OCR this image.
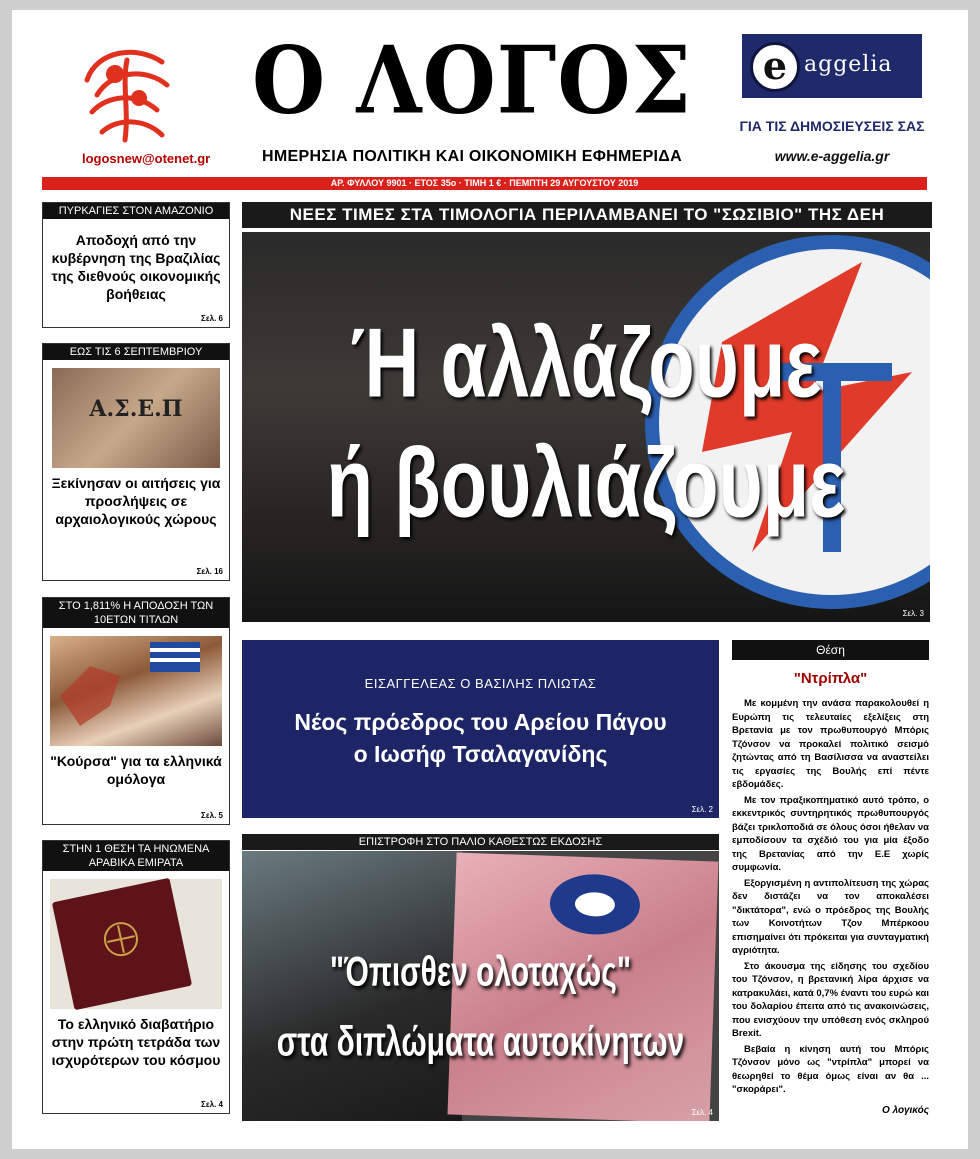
logosnew@otenet.gr
Ο ΛΟΓΟΣ
ΗΜΕΡΗΣΙΑ ΠΟΛΙΤΙΚΗ ΚΑΙ ΟΙΚΟΝΟΜΙΚΗ ΕΦΗΜΕΡΙΔΑ
e aggelia
ΓΙΑ ΤΙΣ ΔΗΜΟΣΙΕΥΣΕΙΣ ΣΑΣ
www.e-aggelia.gr
ΑΡ. ΦΥΛΛΟΥ 9901 · ΕΤΟΣ 35ο · ΤΙΜΗ 1 € · ΠΕΜΠΤΗ 29 ΑΥΓΟΥΣΤΟΥ 2019
ΠΥΡΚΑΓΙΕΣ ΣΤΟΝ ΑΜΑΖΟΝΙΟ
Αποδοχή από την κυβέρνηση της Βραζιλίας της διεθνούς οικονομικής βοήθειας
Σελ. 6
ΕΩΣ ΤΙΣ 6 ΣΕΠΤΕΜΒΡΙΟΥ
Α.Σ.Ε.Π
Ξεκίνησαν οι αιτήσεις για προσλήψεις σε αρχαιολογικούς χώρους
Σελ. 16
ΣΤΟ 1,811% Η ΑΠΟΔΟΣΗ ΤΩΝ 10ΕΤΩΝ ΤΙΤΛΩΝ
"Κούρσα" για τα ελληνικά ομόλογα
Σελ. 5
ΣΤΗΝ 1 ΘΕΣΗ ΤΑ ΗΝΩΜΕΝΑ ΑΡΑΒΙΚΑ ΕΜΙΡΑΤΑ
Το ελληνικό διαβατήριο στην πρώτη τετράδα των ισχυρότερων του κόσμου
Σελ. 4
ΝΕΕΣ ΤΙΜΕΣ ΣΤΑ ΤΙΜΟΛΟΓΙΑ ΠΕΡΙΛΑΜΒΑΝΕΙ ΤΟ "ΣΩΣΙΒΙΟ" ΤΗΣ ΔΕΗ
Ή αλλάζουμε
ή βουλιάζουμε
Σελ. 3
ΕΙΣΑΓΓΕΛΕΑΣ Ο ΒΑΣΙΛΗΣ ΠΛΙΩΤΑΣ
Νέος πρόεδρος του Αρείου Πάγου
ο Ιωσήφ Τσαλαγανίδης
Σελ. 2
Θέση
"Ντρίπλα"

Με κομμένη την ανάσα παρακολουθεί η Ευρώπη τις τελευταίες εξελίξεις στη Βρετανία με τον πρωθυπουργό Μπόρις Τζόνσον να προκαλεί πολιτικό σεισμό ζητώντας από τη Βασίλισσα να αναστείλει τις εργασίες της Βουλής επί πέντε εβδομάδες.

Με τον πραξικοπηματικό αυτό τρόπο, ο εκκεντρικός συντηρητικός πρωθυπουργός βάζει τρικλοποδιά σε όλους όσοι ήθελαν να εμποδίσουν τα σχέδιό του για μία έξοδο της Βρετανίας από την Ε.Ε χωρίς συμφωνία.

Εξοργισμένη η αντιπολίτευση της χώρας δεν διστάζει να τον αποκαλέσει "δικτάτορα", ενώ ο πρόεδρος της Βουλής των Κοινοτήτων Τζον Μπέρκοου επισημαίνει ότι πρόκειται για συνταγματική αγριότητα.

Στο άκουσμα της είδησης του σχεδίου του Τζόνσον, η βρετανική λίρα άρχισε να κατρακυλάει, κατά 0,7% έναντι του ευρώ και του δολαρίου έπειτα από τις ανακοινώσεις, που ενισχύουν την υπόθεση ενός σκληρού Brexit.

Βεβαία η κίνηση αυτή του Μπόρις Τζόνσον μόνο ως "ντρίπλα" μπορεί να θεωρηθεί το θέμα όμως είναι αν θα ... "σκοράρει".

Ο λογικός
ΕΠΙΣΤΡΟΦΗ ΣΤΟ ΠΑΛΙΟ ΚΑΘΕΣΤΩΣ ΕΚΔΟΣΗΣ
"Όπισθεν ολοταχώς"
στα διπλώματα αυτοκίνητων
Σελ. 4
